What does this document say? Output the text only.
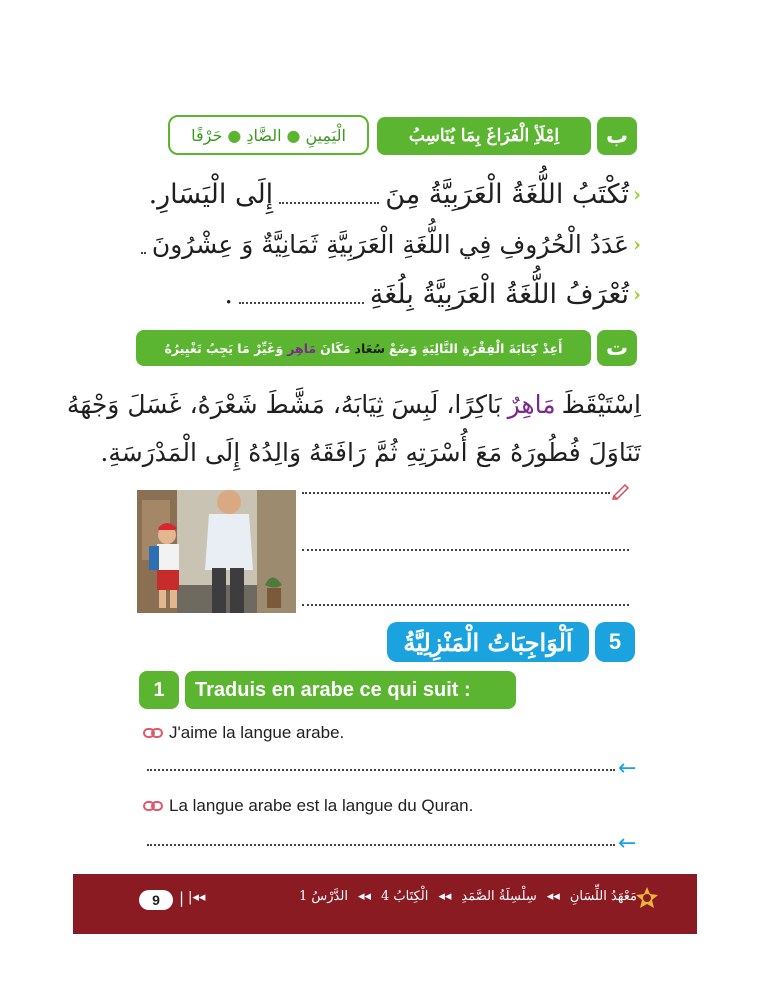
ب
اِمْلَأِ الْفَرَاغَ بِمَا يُنَاسِبُ
الْيَمِينِ
●
الضَّادِ
●
حَرْفًا
‹
تُكْتَبُ اللُّغَةُ الْعَرَبِيَّةُ مِنَ
إِلَى الْيَسَارِ.
‹
عَدَدُ الْحُرُوفِ فِي اللُّغَةِ الْعَرَبِيَّةِ ثَمَانِيَّةٌ وَ عِشْرُونَ
‹
تُعْرَفُ اللُّغَةُ الْعَرَبِيَّةُ بِلُغَةِ
.
ت
أَعِدْ كِتَابَةَ الْفِقْرَةِ التَّالِيَةِ وَضَعْ
سُعَاد
مَكَانَ
مَاهِر
وَغَيِّرْ مَا يَجِبُ تَغْيِيرُهُ
اِسْتَيْقَظَ
مَاهِرٌ
بَاكِرًا، لَبِسَ ثِيَابَهُ، مَشَّطَ شَعْرَهُ، غَسَلَ وَجْهَهُ
تَنَاوَلَ فُطُورَهُ مَعَ أُسْرَتِهِ ثُمَّ رَافَقَهُ وَالِدُهُ إِلَى الْمَدْرَسَةِ.
5
اَلْوَاجِبَاتُ الْمَنْزِلِيَّةُ
1 Traduis en arabe ce qui suit :
J'aime la langue arabe.
←
La langue arabe est la langue du Quran.
←
9 | |◂◂	مَعْهَدُ اللِّسَانِ
◂◂
سِلْسِلَةُ الصَّمَدِ
◂◂
الْكِتَابُ 4
◂◂
الدَّرْسُ 1
